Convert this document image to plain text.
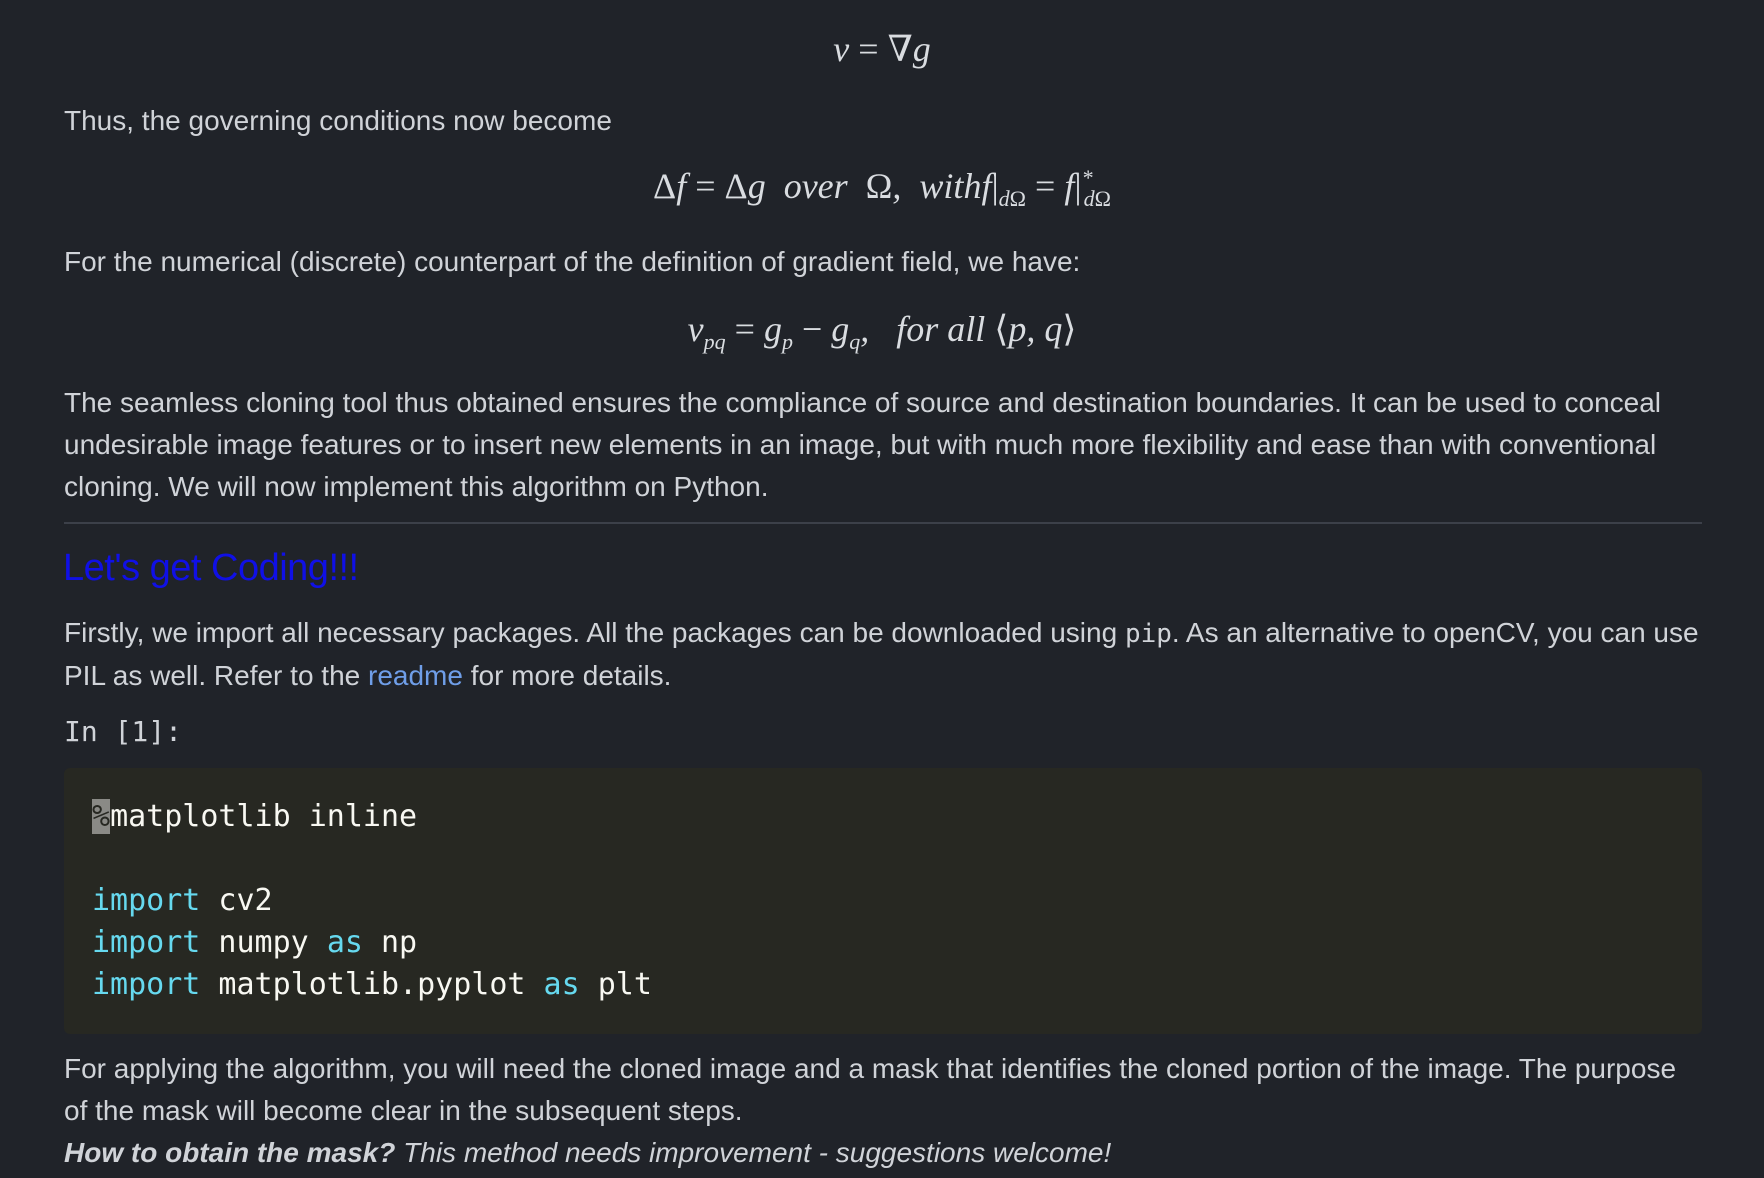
v = ∇g

Thus, the governing conditions now become

Δf = Δg  over  Ω,  $withf|_{d\Omega} = f|^*_{d\Omega}$

For the numerical (discrete) counterpart of the definition of gradient field, we have:

$v_{pq} = g_p - g_q$,   for all ⟨p, q⟩

The seamless cloning tool thus obtained ensures the compliance of source and destination boundaries. It can be used to conceal undesirable image features or to insert new elements in an image, but with much more flexibility and ease than with conventional cloning. We will now implement this algorithm on Python.

Let's get Coding!!!

Firstly, we import all necessary packages. All the packages can be downloaded using pip. As an alternative to openCV, you can use PIL as well. Refer to the readme for more details.

In [1]:
%matplotlib inline
import cv2
import numpy as np
import matplotlib.pyplot as plt

For applying the algorithm, you will need the cloned image and a mask that identifies the cloned portion of the image. The purpose of the mask will become clear in the subsequent steps.

How to obtain the mask? This method needs improvement - suggestions welcome!
